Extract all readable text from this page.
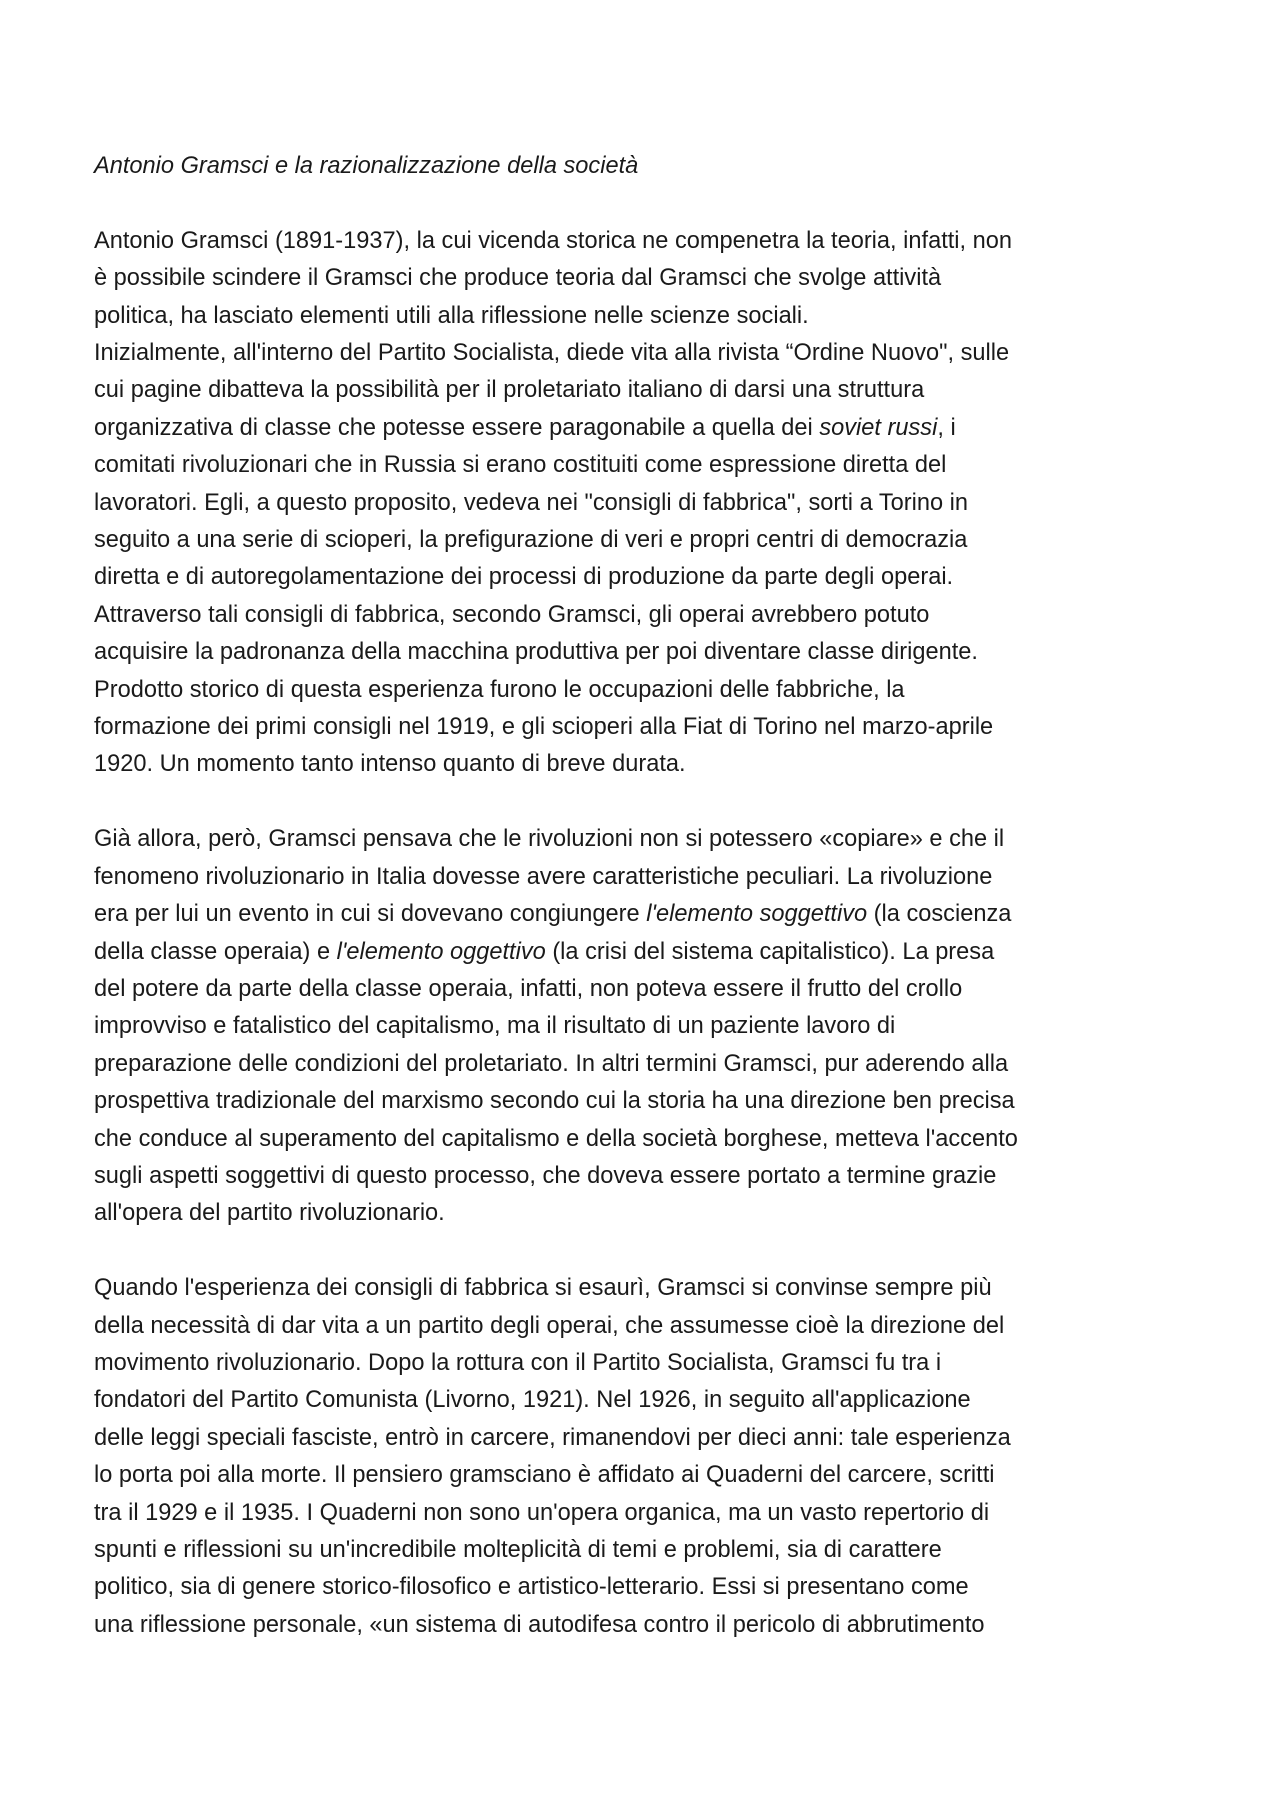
Antonio Gramsci e la razionalizzazione della società
Antonio Gramsci (1891-1937), la cui vicenda storica ne compenetra la teoria, infatti, non
è possibile scindere il Gramsci che produce teoria dal Gramsci che svolge attività
politica, ha lasciato elementi utili alla riflessione nelle scienze sociali.
Inizialmente, all'interno del Partito Socialista, diede vita alla rivista “Ordine Nuovo", sulle
cui pagine dibatteva la possibilità per il proletariato italiano di darsi una struttura
organizzativa di classe che potesse essere paragonabile a quella dei soviet russi, i
comitati rivoluzionari che in Russia si erano costituiti come espressione diretta del
lavoratori. Egli, a questo proposito, vedeva nei "consigli di fabbrica", sorti a Torino in
seguito a una serie di scioperi, la prefigurazione di veri e propri centri di democrazia
diretta e di autoregolamentazione dei processi di produzione da parte degli operai.
Attraverso tali consigli di fabbrica, secondo Gramsci, gli operai avrebbero potuto
acquisire la padronanza della macchina produttiva per poi diventare classe dirigente.
Prodotto storico di questa esperienza furono le occupazioni delle fabbriche, la
formazione dei primi consigli nel 1919, e gli scioperi alla Fiat di Torino nel marzo-aprile
1920. Un momento tanto intenso quanto di breve durata.
Già allora, però, Gramsci pensava che le rivoluzioni non si potessero «copiare» e che il
fenomeno rivoluzionario in Italia dovesse avere caratteristiche peculiari. La rivoluzione
era per lui un evento in cui si dovevano congiungere l'elemento soggettivo (la coscienza
della classe operaia) e l'elemento oggettivo (la crisi del sistema capitalistico). La presa
del potere da parte della classe operaia, infatti, non poteva essere il frutto del crollo
improvviso e fatalistico del capitalismo, ma il risultato di un paziente lavoro di
preparazione delle condizioni del proletariato. In altri termini Gramsci, pur aderendo alla
prospettiva tradizionale del marxismo secondo cui la storia ha una direzione ben precisa
che conduce al superamento del capitalismo e della società borghese, metteva l'accento
sugli aspetti soggettivi di questo processo, che doveva essere portato a termine grazie
all'opera del partito rivoluzionario.
Quando l'esperienza dei consigli di fabbrica si esaurì, Gramsci si convinse sempre più
della necessità di dar vita a un partito degli operai, che assumesse cioè la direzione del
movimento rivoluzionario. Dopo la rottura con il Partito Socialista, Gramsci fu tra i
fondatori del Partito Comunista (Livorno, 1921). Nel 1926, in seguito all'applicazione
delle leggi speciali fasciste, entrò in carcere, rimanendovi per dieci anni: tale esperienza
lo porta poi alla morte. Il pensiero gramsciano è affidato ai Quaderni del carcere, scritti
tra il 1929 e il 1935. I Quaderni non sono un'opera organica, ma un vasto repertorio di
spunti e riflessioni su un'incredibile molteplicità di temi e problemi, sia di carattere
politico, sia di genere storico-filosofico e artistico-letterario. Essi si presentano come
una riflessione personale, «un sistema di autodifesa contro il pericolo di abbrutimento
